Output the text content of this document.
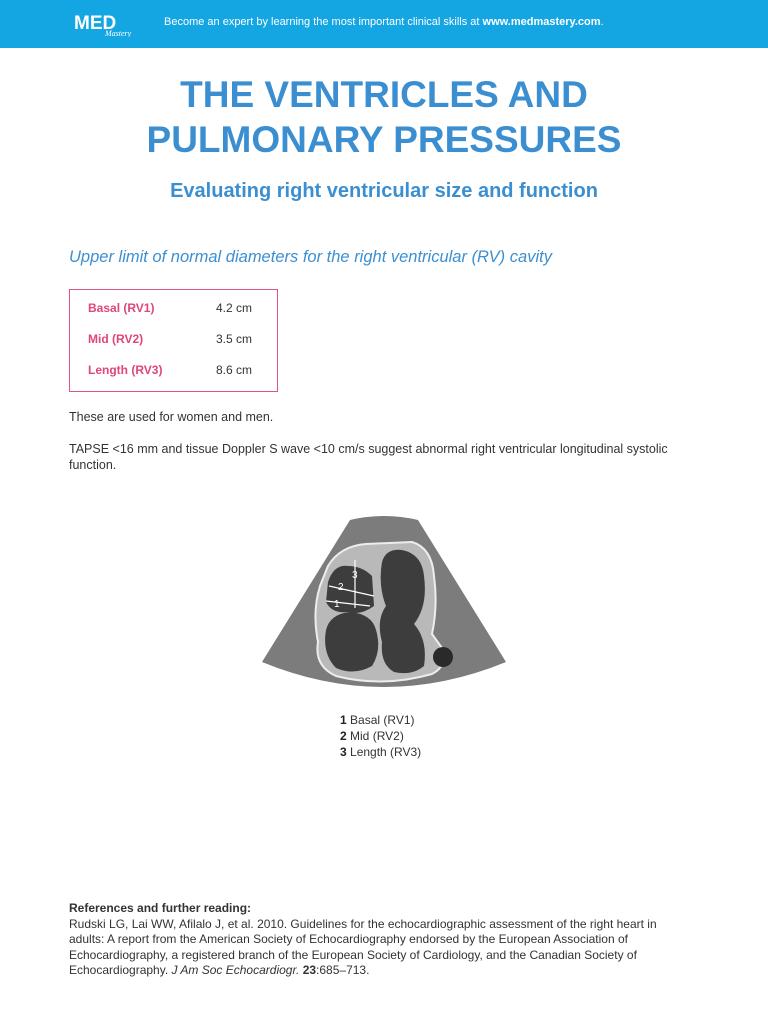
MED
Mastery
Become an expert by learning the most important clinical skills at www.medmastery.com.
THE VENTRICLES AND
PULMONARY PRESSURES
Evaluating right ventricular size and function
Upper limit of normal diameters for the right ventricular (RV) cavity
Basal (RV1)	4.2 cm
Mid (RV2)	3.5 cm
Length (RV3)	8.6 cm
These are used for women and men.
TAPSE <16 mm and tissue Doppler S wave <10 cm/s suggest abnormal right ventricular longitudinal systolic function.
3
2
1
1 Basal (RV1)
2 Mid (RV2)
3 Length (RV3)
References and further reading:
Rudski LG, Lai WW, Afilalo J, et al. 2010. Guidelines for the echocardiographic assessment of the right heart in adults: A report from the American Society of Echocardiography endorsed by the European Association of Echocardiography, a registered branch of the European Society of Cardiology, and the Canadian Society of Echocardiography. J Am Soc Echocardiogr. 23:685–713.
